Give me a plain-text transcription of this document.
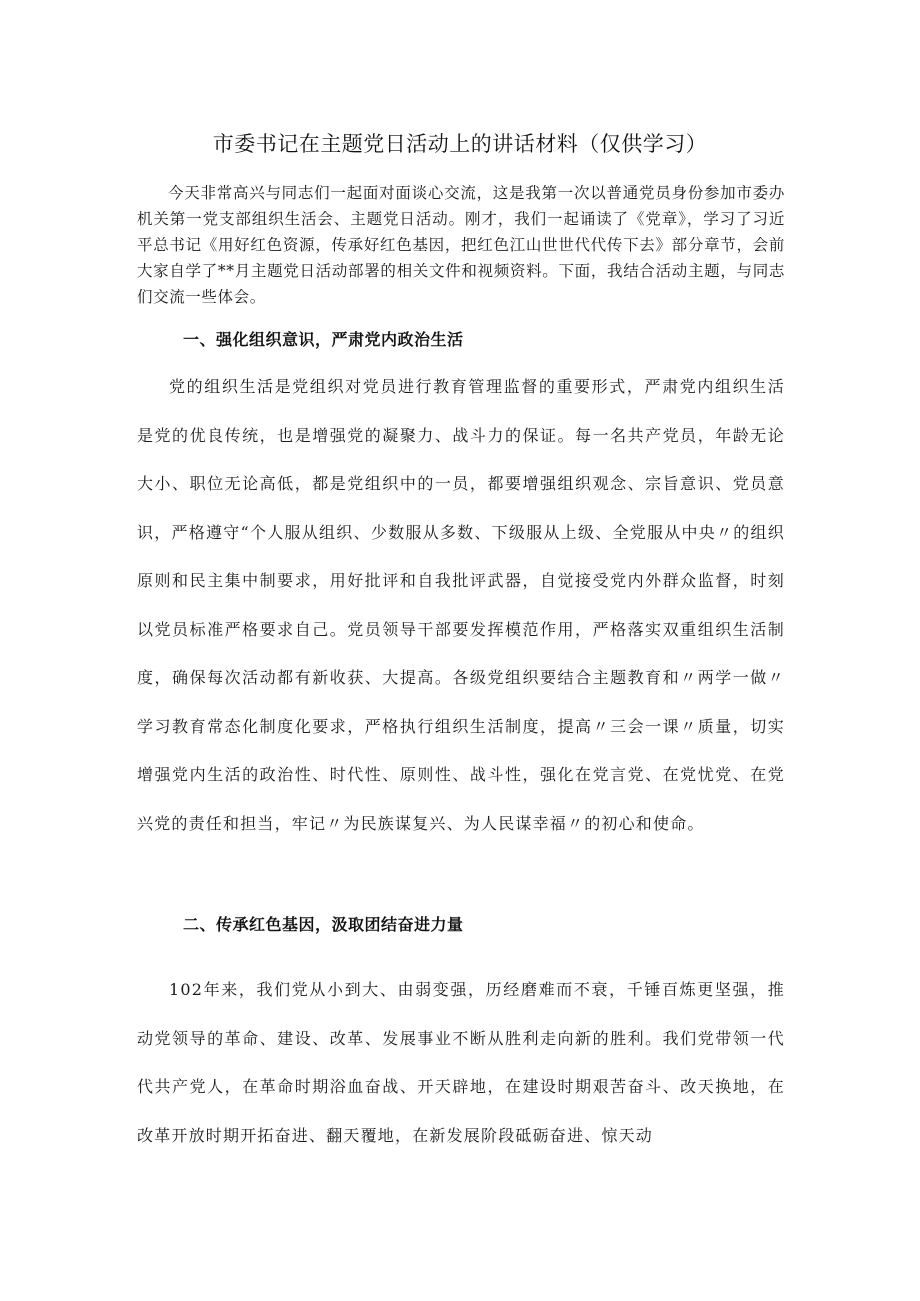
市委书记在主题党日活动上的讲话材料（仅供学习）

今天非常高兴与同志们一起面对面谈心交流，这是我第一次以普通党员身份参加市委办机关第一党支部组织生活会、主题党日活动。刚才，我们一起诵读了《党章》，学习了习近平总书记《用好红色资源，传承好红色基因，把红色江山世世代代传下去》部分章节，会前大家自学了**月主题党日活动部署的相关文件和视频资料。下面，我结合活动主题，与同志们交流一些体会。

一、强化组织意识，严肃党内政治生活

党的组织生活是党组织对党员进行教育管理监督的重要形式，严肃党内组织生活是党的优良传统，也是增强党的凝聚力、战斗力的保证。每一名共产党员，年龄无论大小、职位无论高低，都是党组织中的一员，都要增强组织观念、宗旨意识、党员意识，严格遵守“个人服从组织、少数服从多数、下级服从上级、全党服从中央〃的组织原则和民主集中制要求，用好批评和自我批评武器，自觉接受党内外群众监督，时刻以党员标准严格要求自己。党员领导干部要发挥模范作用，严格落实双重组织生活制度，确保每次活动都有新收获、大提高。各级党组织要结合主题教育和〃两学一做〃学习教育常态化制度化要求，严格执行组织生活制度，提高〃三会一课〃质量，切实增强党内生活的政治性、时代性、原则性、战斗性，强化在党言党、在党忧党、在党兴党的责任和担当，牢记〃为民族谋复兴、为人民谋幸福〃的初心和使命。

二、传承红色基因，汲取团结奋进力量

102年来，我们党从小到大、由弱变强，历经磨难而不衰，千锤百炼更坚强，推动党领导的革命、建设、改革、发展事业不断从胜利走向新的胜利。我们党带领一代代共产党人，在革命时期浴血奋战、开天辟地，在建设时期艰苦奋斗、改天换地，在改革开放时期开拓奋进、翻天覆地，在新发展阶段砥砺奋进、惊天动
